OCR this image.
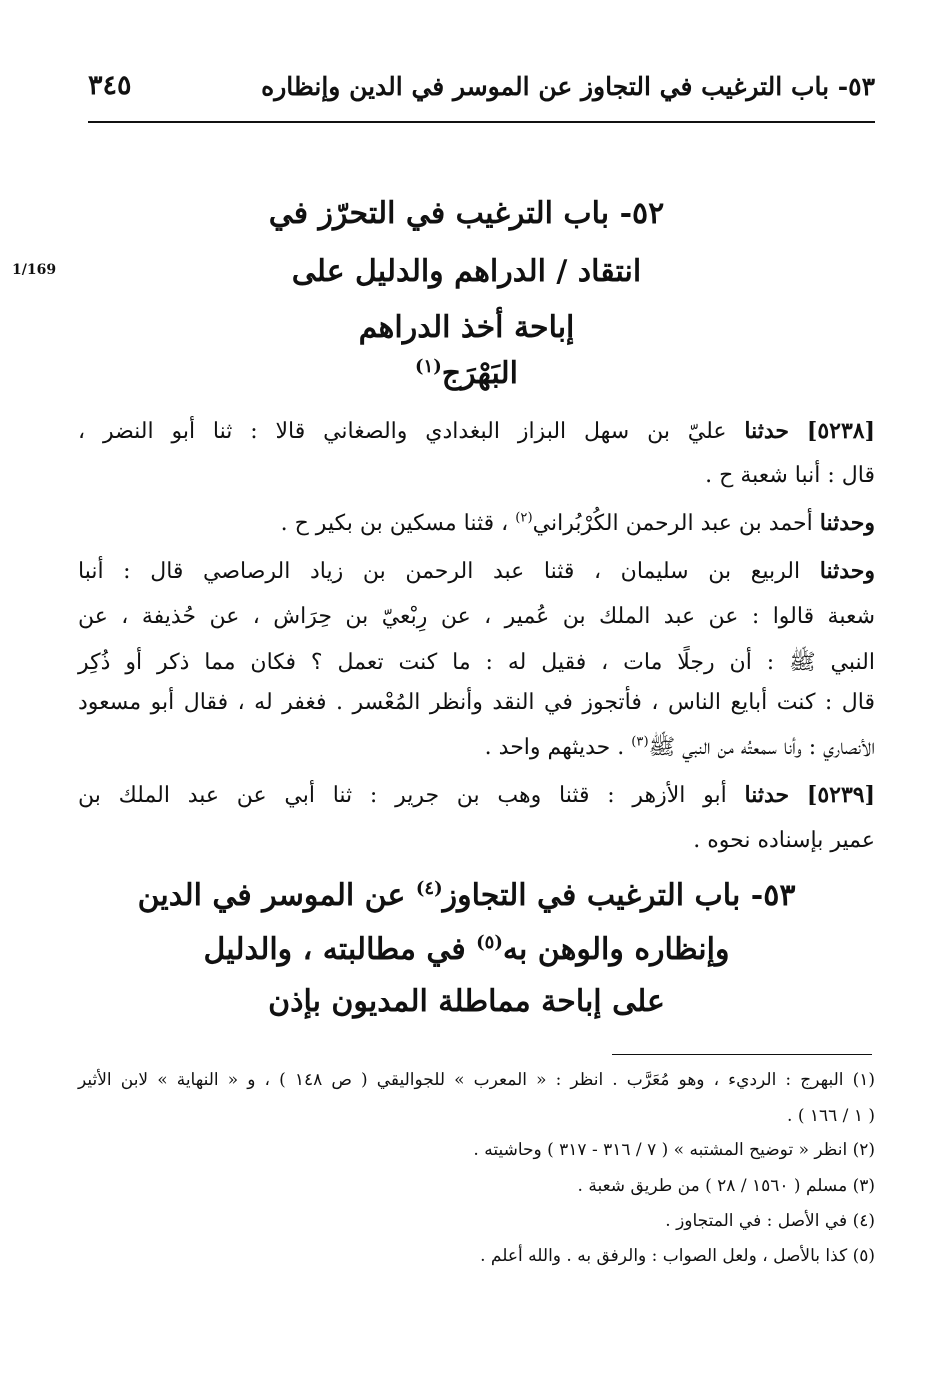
٣٤٥	٥٣- باب الترغيب في التجاوز عن الموسر في الدين وإنظاره
1/169
٥٢- باب الترغيب في التحرّز في
انتقاد / الدراهم والدليل على
إباحة أخذ الدراهم
البَهْرَج$^{(١)}$
[٥٢٣٨] حدثنا عليّ بن سهل البزاز البغدادي والصغاني قالا : ثنا أبو النضر ،
قال : أنبا شعبة ح .
وحدثنا أحمد بن عبد الرحمن الكُرْبُراني$^{(٢)}$ ، قثنا مسكين بن بكير ح .
وحدثنا الربيع بن سليمان ، قثنا عبد الرحمن بن زياد الرصاصي قال : أنبا
شعبة قالوا : عن عبد الملك بن عُمير ، عن رِبْعيّ بن حِرَاش ، عن حُذيفة ، عن
النبي ﷺ : أن رجلًا مات ، فقيل له : ما كنت تعمل ؟ فكان مما ذكر أو ذُكِر
قال : كنت أبايع الناس ، فأتجوز في النقد وأنظر المُعْسر . فغفر له ، فقال أبو مسعود
الأنصاري : وأنا سمعتُه من النبي ﷺ$^{(٣)}$ . حديثهم واحد .
[٥٢٣٩] حدثنا أبو الأزهر : قثنا وهب بن جرير : ثنا أبي عن عبد الملك بن
عمير بإسناده نحوه .
٥٣- باب الترغيب في التجاوز$^{(٤)}$ عن الموسر في الدين
وإنظاره والوهن به$^{(٥)}$ في مطالبته ، والدليل
على إباحة مماطلة المديون بإذن
(١) البهرج : الرديء ، وهو مُعَرَّب . انظر : « المعرب » للجواليقي ( ص ١٤٨ ) ، و « النهاية » لابن الأثير
( ١ / ١٦٦ ) .
(٢) انظر « توضيح المشتبه » ( ٧ / ٣١٦ - ٣١٧ ) وحاشيته .
(٣) مسلم ( ١٥٦٠ / ٢٨ ) من طريق شعبة .
(٤) في الأصل : في المتجاوز .
(٥) كذا بالأصل ، ولعل الصواب : والرفق به . والله أعلم .
